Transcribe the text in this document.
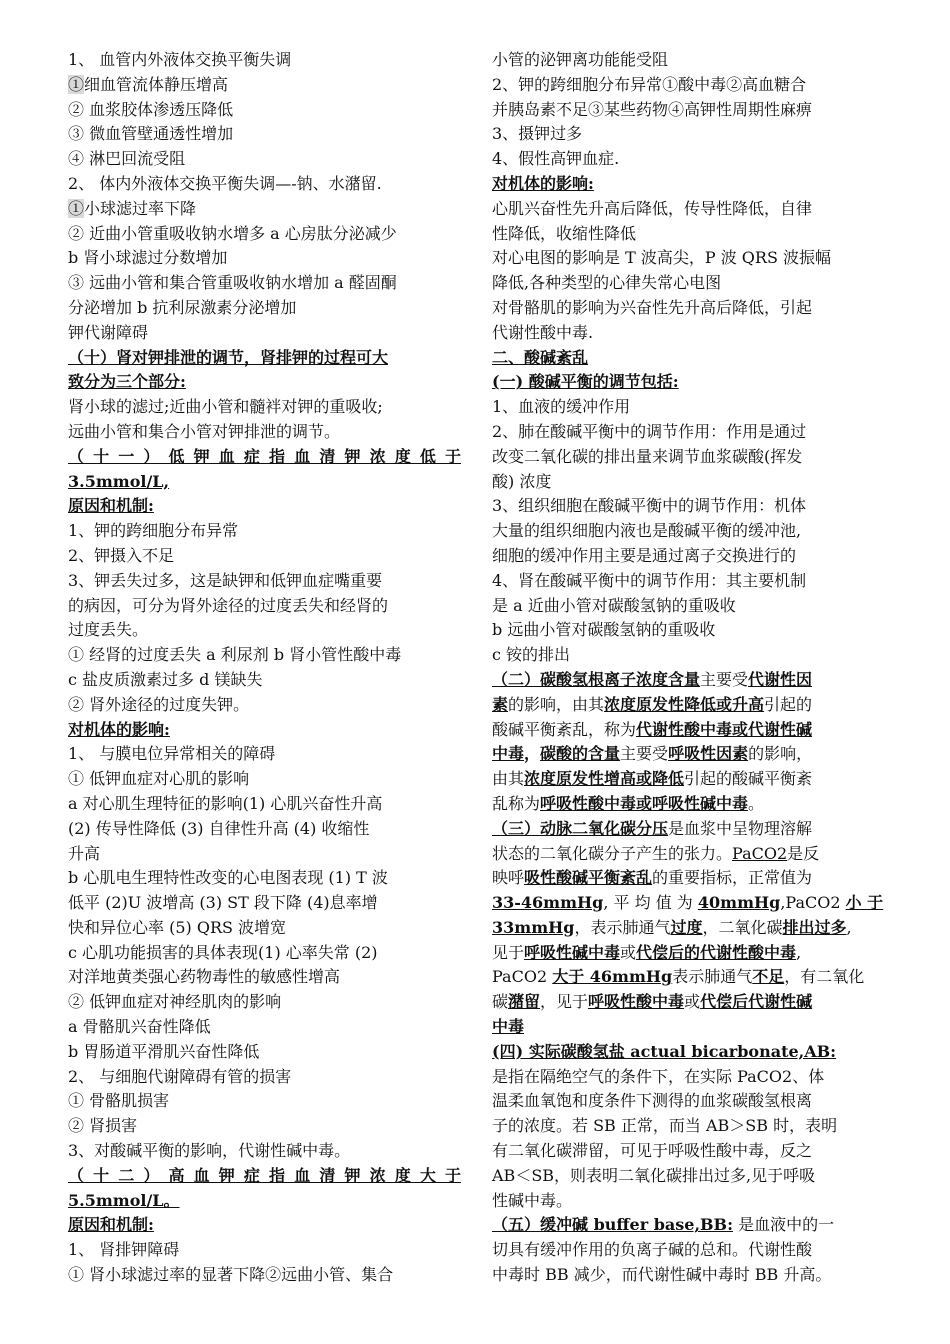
1、 血管内外液体交换平衡失调
①细血管流体静压增高
② 血浆胶体渗透压降低
③ 微血管壁通透性增加
④ 淋巴回流受阻
2、 体内外液体交换平衡失调—-钠、水潴留.
①小球滤过率下降
② 近曲小管重吸收钠水增多 a 心房肽分泌减少
b 肾小球滤过分数增加
③ 远曲小管和集合管重吸收钠水增加 a 醛固酮
分泌增加 b 抗利尿激素分泌增加
钾代谢障碍
（十）肾对钾排泄的调节，肾排钾的过程可大
致分为三个部分:
肾小球的滤过;近曲小管和髓袢对钾的重吸收;
远曲小管和集合小管对钾排泄的调节。
（十一）低钾血症指血清钾浓度低于
3.5mmol/L,
原因和机制:
1、钾的跨细胞分布异常
2、钾摄入不足
3、钾丢失过多，这是缺钾和低钾血症嘴重要
的病因，可分为肾外途径的过度丢失和经肾的
过度丢失。
① 经肾的过度丢失 a 利尿剂 b 肾小管性酸中毒
c 盐皮质激素过多 d 镁缺失
② 肾外途径的过度失钾。
对机体的影响:
1、 与膜电位异常相关的障碍
① 低钾血症对心肌的影响
a 对心肌生理特征的影响(1) 心肌兴奋性升高
(2) 传导性降低 (3) 自律性升高 (4) 收缩性
升高
b 心肌电生理特性改变的心电图表现 (1) T 波
低平 (2)U 波增高 (3) ST 段下降 (4)息率增
快和异位心率 (5) QRS 波增宽
c 心肌功能损害的具体表现(1) 心率失常 (2)
对洋地黄类强心药物毒性的敏感性增高
② 低钾血症对神经肌肉的影响
a 骨骼肌兴奋性降低
b 胃肠道平滑肌兴奋性降低
2、 与细胞代谢障碍有管的损害
① 骨骼肌损害
② 肾损害
3、对酸碱平衡的影响，代谢性碱中毒。
（十二）高血钾症指血清钾浓度大于
5.5mmol/L。
原因和机制:
1、 肾排钾障碍
① 肾小球滤过率的显著下降②远曲小管、集合
小管的泌钾离功能能受阻
2、钾的跨细胞分布异常①酸中毒②高血糖合
并胰岛素不足③某些药物④高钾性周期性麻痹
3、摄钾过多
4、假性高钾血症.
对机体的影响:
心肌兴奋性先升高后降低，传导性降低，自律
性降低，收缩性降低
对心电图的影响是 T 波高尖，P 波 QRS 波振幅
降低,各种类型的心律失常心电图
对骨骼肌的影响为兴奋性先升高后降低，引起
代谢性酸中毒.
二、酸碱紊乱
(一) 酸碱平衡的调节包括:
1、血液的缓冲作用
2、肺在酸碱平衡中的调节作用：作用是通过
改变二氧化碳的排出量来调节血浆碳酸(挥发
酸) 浓度
3、组织细胞在酸碱平衡中的调节作用：机体
大量的组织细胞内液也是酸碱平衡的缓冲池,
细胞的缓冲作用主要是通过离子交换进行的
4、肾在酸碱平衡中的调节作用：其主要机制
是 a 近曲小管对碳酸氢钠的重吸收
b 远曲小管对碳酸氢钠的重吸收
c 铵的排出
（二）碳酸氢根离子浓度含量主要受代谢性因
素的影响，由其浓度原发性降低或升高引起的
酸碱平衡紊乱，称为代谢性酸中毒或代谢性碱
中毒，碳酸的含量主要受呼吸性因素的影响，
由其浓度原发性增高或降低引起的酸碱平衡紊
乱称为呼吸性酸中毒或呼吸性碱中毒。
（三）动脉二氧化碳分压是血浆中呈物理溶解
状态的二氧化碳分子产生的张力。PaCO2是反
映呼吸性酸碱平衡紊乱的重要指标，正常值为
33-46mmHg, 平 均 值 为 40mmHg,PaCO2 小 于
33mmHg，表示肺通气过度，二氧化碳排出过多,
见于呼吸性碱中毒或代偿后的代谢性酸中毒,
PaCO2 大于 46mmHg表示肺通气不足，有二氧化
碳潴留，见于呼吸性酸中毒或代偿后代谢性碱
中毒
(四) 实际碳酸氢盐 actual bicarbonate,AB:
是指在隔绝空气的条件下，在实际 PaCO2、体
温柔血氧饱和度条件下测得的血浆碳酸氢根离
子的浓度。若 SB 正常，而当 AB＞SB 时，表明
有二氧化碳滞留，可见于呼吸性酸中毒，反之
AB＜SB，则表明二氧化碳排出过多,见于呼吸
性碱中毒。
（五）缓冲碱 buffer base,BB: 是血液中的一
切具有缓冲作用的负离子碱的总和。代谢性酸
中毒时 BB 减少，而代谢性碱中毒时 BB 升高。
